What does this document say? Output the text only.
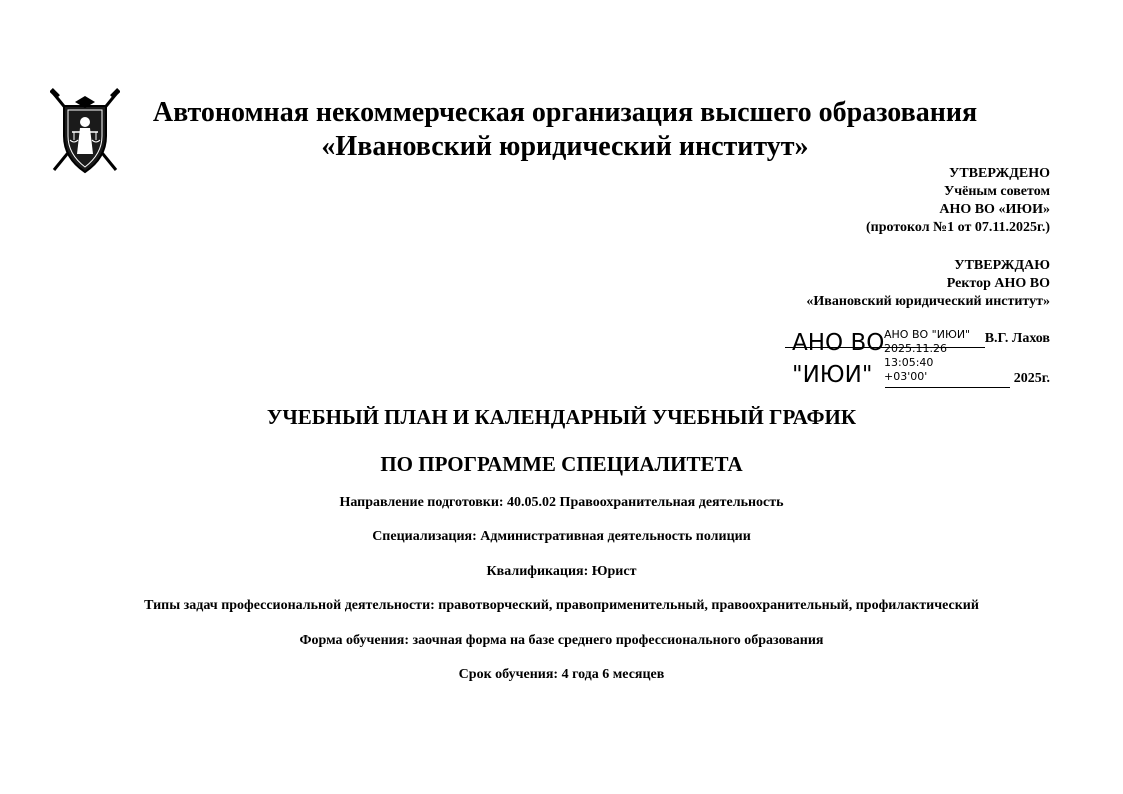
Автономная некоммерческая организация высшего образования
«Ивановский юридический институт»
УТВЕРЖДЕНО
Учёным советом
АНО ВО «ИЮИ»
(протокол №1 от 07.11.2025г.)
УТВЕРЖДАЮ
Ректор АНО ВО
«Ивановский юридический институт»
В.Г. Лахов
2025г.
АНО ВО
"ИЮИ"
АНО ВО "ИЮИ"
2025.11.26
13:05:40
+03'00'
УЧЕБНЫЙ ПЛАН И КАЛЕНДАРНЫЙ УЧЕБНЫЙ ГРАФИК
ПО ПРОГРАММЕ СПЕЦИАЛИТЕТА
Направление подготовки: 40.05.02 Правоохранительная деятельность
Специализация: Административная деятельность полиции
Квалификация: Юрист
Типы задач профессиональной деятельности: правотворческий, правоприменительный, правоохранительный, профилактический
Форма обучения: заочная форма на базе среднего профессионального образования
Срок обучения: 4 года 6 месяцев
